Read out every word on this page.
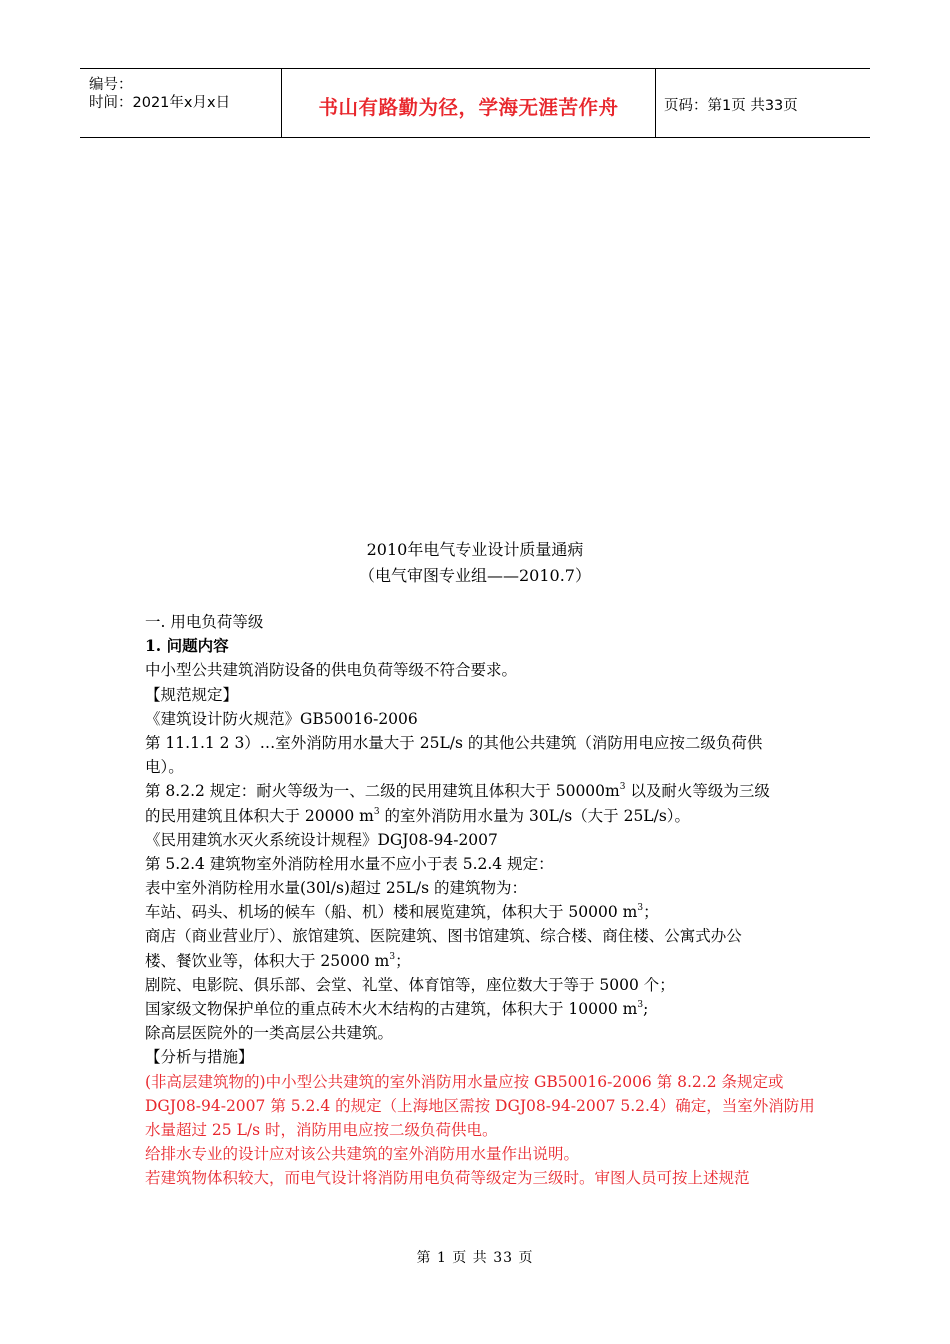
编号：
时间：2021年x月x日	书山有路勤为径，学海无涯苦作舟	页码：第1页 共33页
2010年电气专业设计质量通病
（电气审图专业组——2010.7）
一. 用电负荷等级
1. 问题内容
中小型公共建筑消防设备的供电负荷等级不符合要求。
【规范规定】
《建筑设计防火规范》GB50016-2006
第 11.1.1 2 3）…室外消防用水量大于 25L/s 的其他公共建筑（消防用电应按二级负荷供
电）。
第 8.2.2 规定：耐火等级为一、二级的民用建筑且体积大于 $50000m^3$ 以及耐火等级为三级
的民用建筑且体积大于 20000 $m^3$ 的室外消防用水量为 30L/s（大于 25L/s）。
《民用建筑水灭火系统设计规程》DGJ08-94-2007
第 5.2.4 建筑物室外消防栓用水量不应小于表 5.2.4 规定：
表中室外消防栓用水量(30l/s)超过 25L/s 的建筑物为：
车站、码头、机场的候车（船、机）楼和展览建筑，体积大于 50000 $m^3$；
商店（商业营业厅）、旅馆建筑、医院建筑、图书馆建筑、综合楼、商住楼、公寓式办公
楼、餐饮业等，体积大于 25000 $m^3$；
剧院、电影院、俱乐部、会堂、礼堂、体育馆等，座位数大于等于 5000 个；
国家级文物保护单位的重点砖木火木结构的古建筑，体积大于 10000 $m^3$;
除高层医院外的一类高层公共建筑。
【分析与措施】
(非高层建筑物的)中小型公共建筑的室外消防用水量应按 GB50016-2006 第 8.2.2 条规定或
DGJ08-94-2007 第 5.2.4 的规定（上海地区需按 DGJ08-94-2007 5.2.4）确定，当室外消防用
水量超过 25 L/s 时，消防用电应按二级负荷供电。
给排水专业的设计应对该公共建筑的室外消防用水量作出说明。
若建筑物体积较大，而电气设计将消防用电负荷等级定为三级时。审图人员可按上述规范
第 1 页 共 33 页
